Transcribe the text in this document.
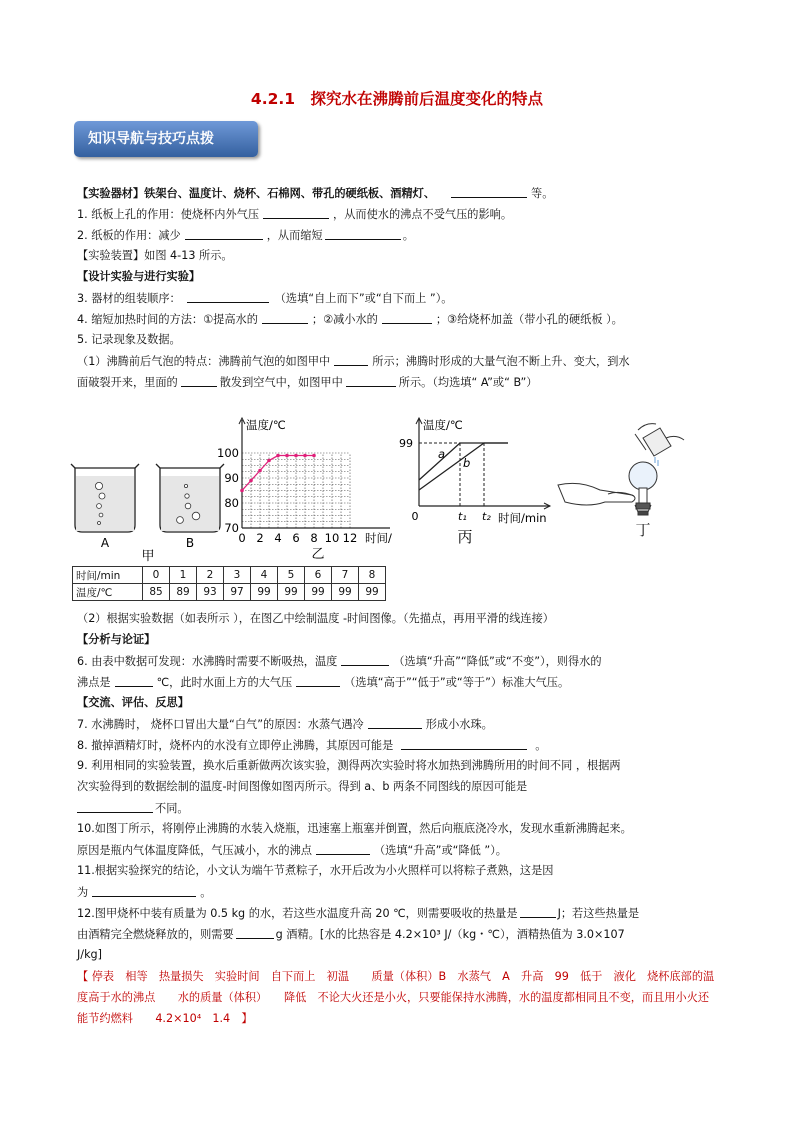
4.2.1　探究水在沸腾前后温度变化的特点
知识导航与技巧点拨
【实验器材】铁架台、温度计、烧杯、石棉网、带孔的硬纸板、酒精灯、	等。
1. 纸板上孔的作用：使烧杯内外气压	，从而使水的沸点不受气压的影响。
2. 纸板的作用：减少	，从而缩短	。
【实验装置】如图 4-13 所示。
【设计实验与进行实验】
3. 器材的组装顺序：	（选填“自上而下”或“自下而上 ”）。
4. 缩短加热时间的方法：①提高水的	；②减小水的	；③给烧杯加盖（带小孔的硬纸板 ）。
5. 记录现象及数据。
（1）沸腾前后气泡的特点：沸腾前气泡的如图甲中	所示；沸腾时形成的大量气泡不断上升、变大，到水
面破裂开来，里面的	散发到空气中，如图甲中	所示。（均选填“ A”或“ B”）
A	B
甲
温度/℃
时间/
100
90
80
70
0 2 4 6 8 10 12
乙
温度/℃
时间/min
99
0
a
b
t₁ t₂
丙	丁
时间/min	0	1	2	3	4	5	6	7	8
温度/℃	85	89	93	97	99	99	99	99	99
（2）根据实验数据（如表所示 ），在图乙中绘制温度 -时间图像。（先描点，再用平滑的线连接）
【分析与论证】
6. 由表中数据可发现：水沸腾时需要不断吸热，温度	（选填“升高”“降低”或“不变”），则得水的
沸点是	℃，此时水面上方的大气压	（选填“高于”“低于”或“等于”）标准大气压。
【交流、评估、反思】
7. 水沸腾时， 烧杯口冒出大量“白气”的原因：水蒸气遇冷	形成小水珠。
8. 撤掉酒精灯时，烧杯内的水没有立即停止沸腾，其原因可能是	。
9. 利用相同的实验装置，换水后重新做两次该实验，测得两次实验时将水加热到沸腾所用的时间不同 ，根据两
次实验得到的数据绘制的温度-时间图像如图丙所示。得到 a、b 两条不同图线的原因可能是
不同。
10.如图丁所示，将刚停止沸腾的水装入烧瓶，迅速塞上瓶塞并倒置，然后向瓶底浇冷水，发现水重新沸腾起来。
原因是瓶内气体温度降低，气压减小，水的沸点	（选填“升高”或“降低 ”）。
11.根据实验探究的结论，小文认为端午节煮粽子，水开后改为小火照样可以将粽子煮熟，这是因
为	。
12.图甲烧杯中装有质量为 0.5 kg 的水，若这些水温度升高 20 ℃，则需要吸收的热量是	J；若这些热量是
由酒精完全燃烧释放的，则需要	g 酒精。[水的比热容是 4.2×10³ J/（kg・℃），酒精热值为 3.0×107
J/kg]
【 停表　相等　热量损失　实验时间　自下而上　初温　　质量（体积）B　水蒸气　A　升高　99　低于　液化　烧杯底部的温度高于水的沸点　　水的质量（体积）　　降低　不论大火还是小火，只要能保持水沸腾，水的温度都相同且不变，而且用小火还能节约燃料　　4.2×10⁴　1.4　】
